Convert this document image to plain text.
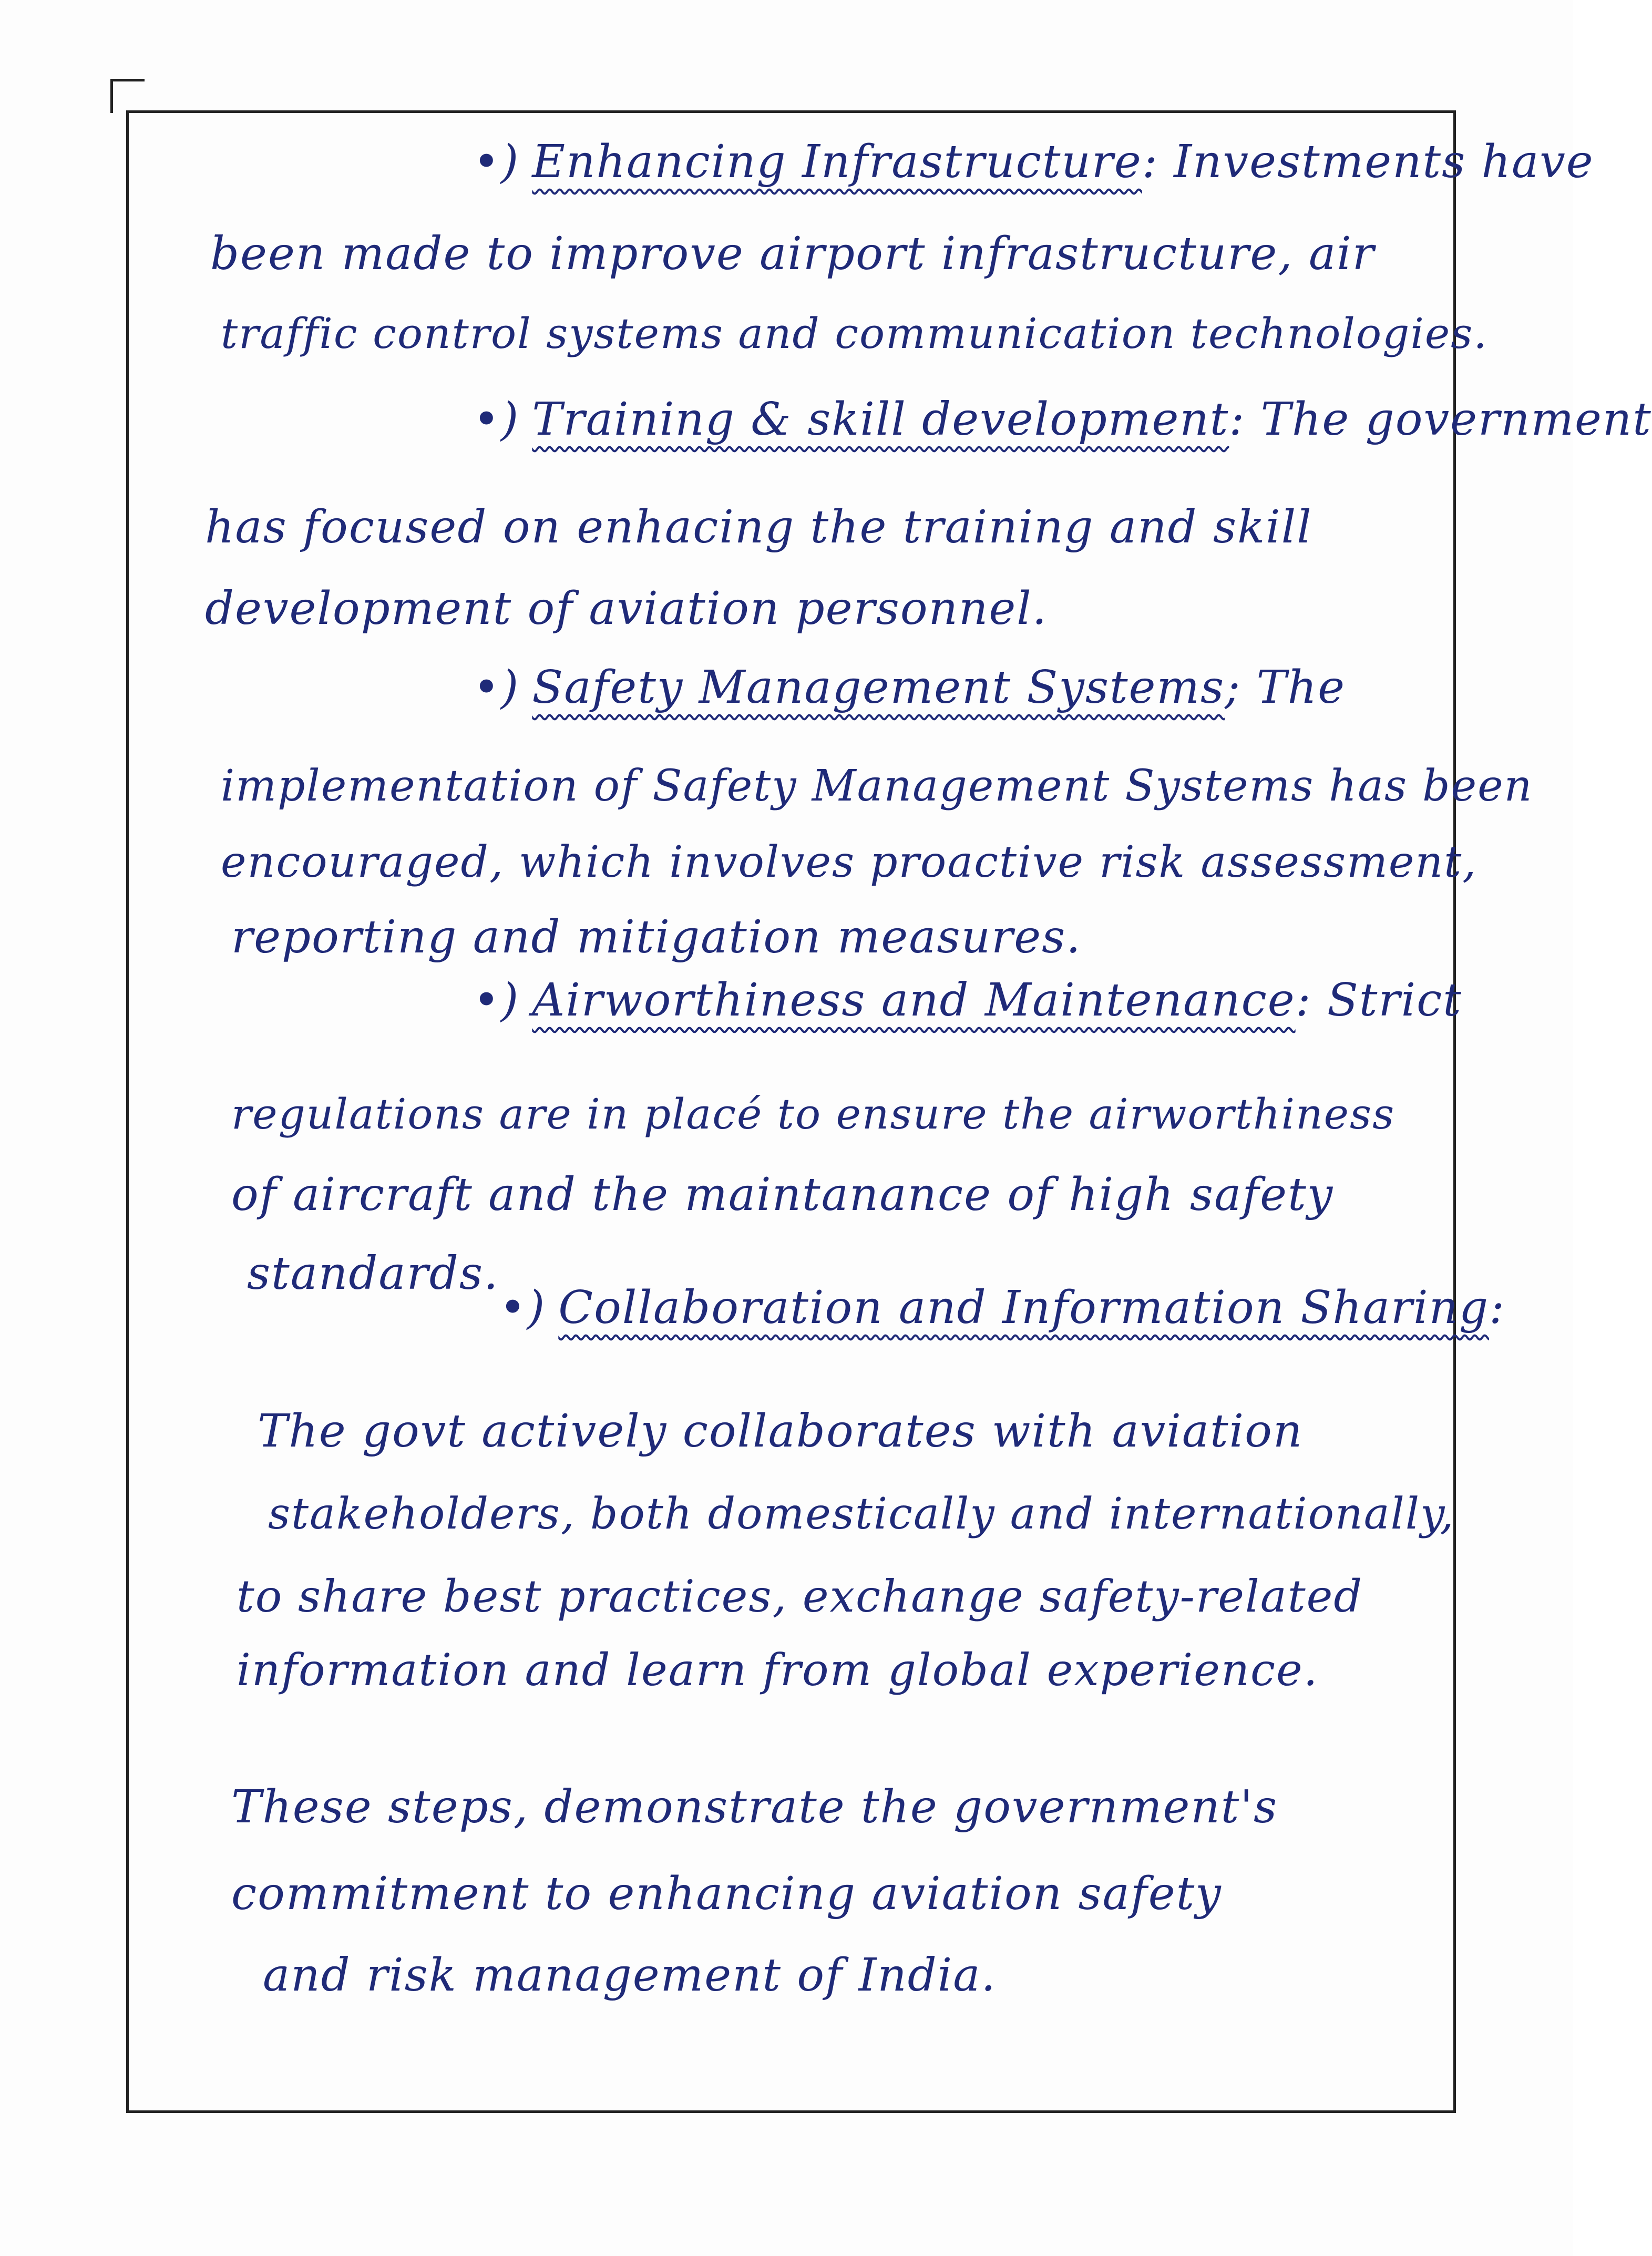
•) Enhancing Infrastructure: Investments have
been made to improve airport infrastructure, air
traffic control systems and communication technologies.
•) Training & skill development: The government
has focused on enhacing the training and skill
development of aviation personnel.
•) Safety Management Systems; The
implementation of Safety Management Systems has been
encouraged, which involves proactive risk assessment,
reporting and mitigation measures.
•) Airworthiness and Maintenance: Strict
regulations are in placé to ensure the airworthiness
of aircraft and the maintanance of high safety
standards.
•) Collaboration and Information Sharing:
The govt actively collaborates with aviation
stakeholders, both domestically and internationally,
to share best practices, exchange safety-related
information and learn from global experience.
These steps, demonstrate the government's
commitment to enhancing aviation safety
and risk management of India.
